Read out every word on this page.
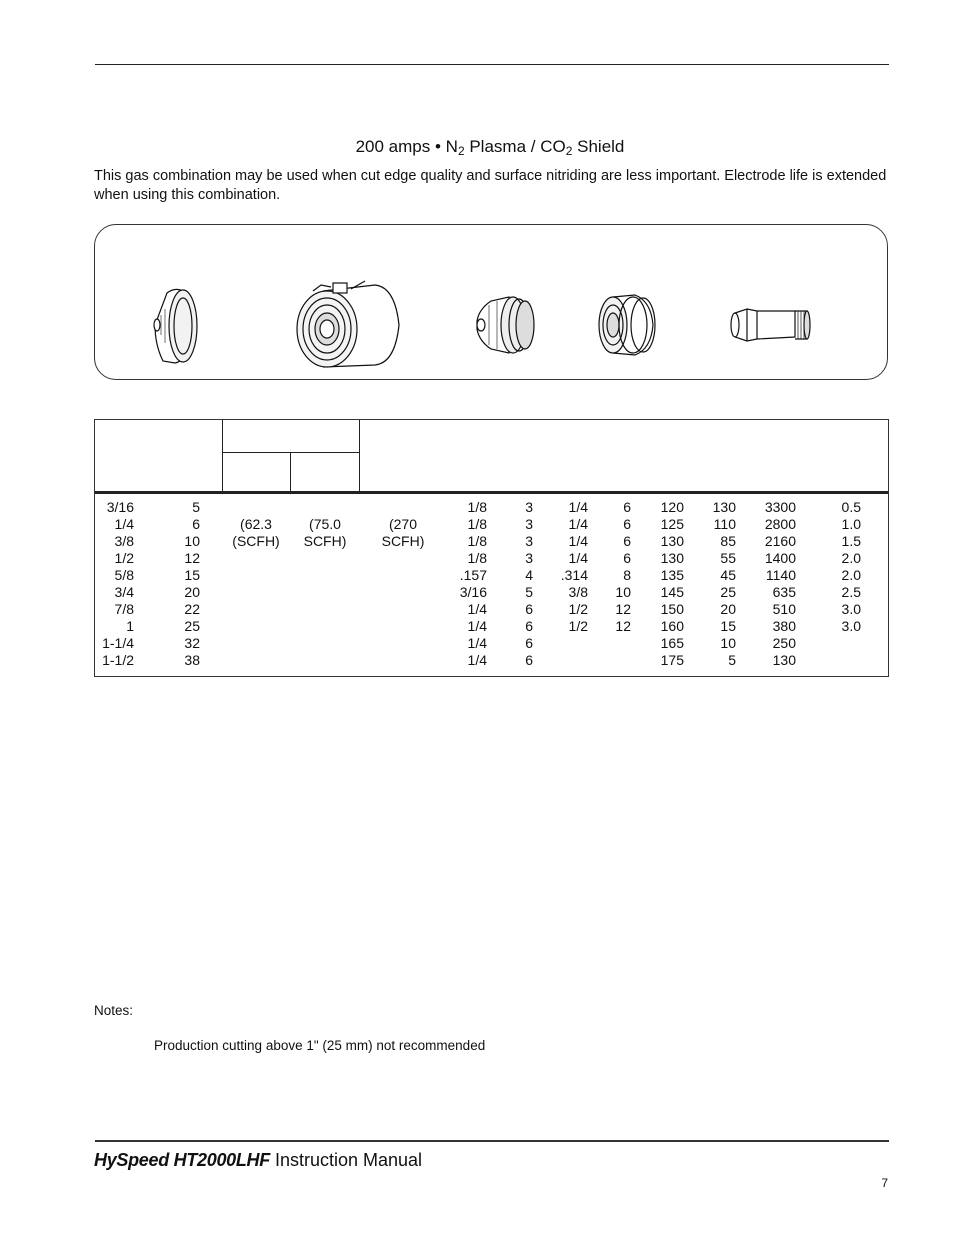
200 amps • $N_2$ Plasma / $CO_2$ Shield
This gas combination may be used when cut edge quality and surface nitriding are less important. Electrode life is extended when using this combination.
3/16
1/4
3/8
1/2
5/8
3/4
7/8
1
1-1/4
1-1/2
5
6
10
12
15
20
22
25
32
38
(62.3
(SCFH)
(75.0
SCFH)
(270
SCFH)
1/8
1/8
1/8
1/8
.157
3/16
1/4
1/4
1/4
1/4
3
3
3
3
4
5
6
6
6
6
1/4
1/4
1/4
1/4
.314
3/8
1/2
1/2

6
6
6
6
8
10
12
12

120
125
130
130
135
145
150
160
165
175
130
110
85
55
45
25
20
15
10
5
3300
2800
2160
1400
1140
635
510
380
250
130
0.5
1.0
1.5
2.0
2.0
2.5
3.0
3.0

Notes:
Production cutting above 1" (25 mm) not recommended
HySpeed HT2000LHF Instruction Manual
7
